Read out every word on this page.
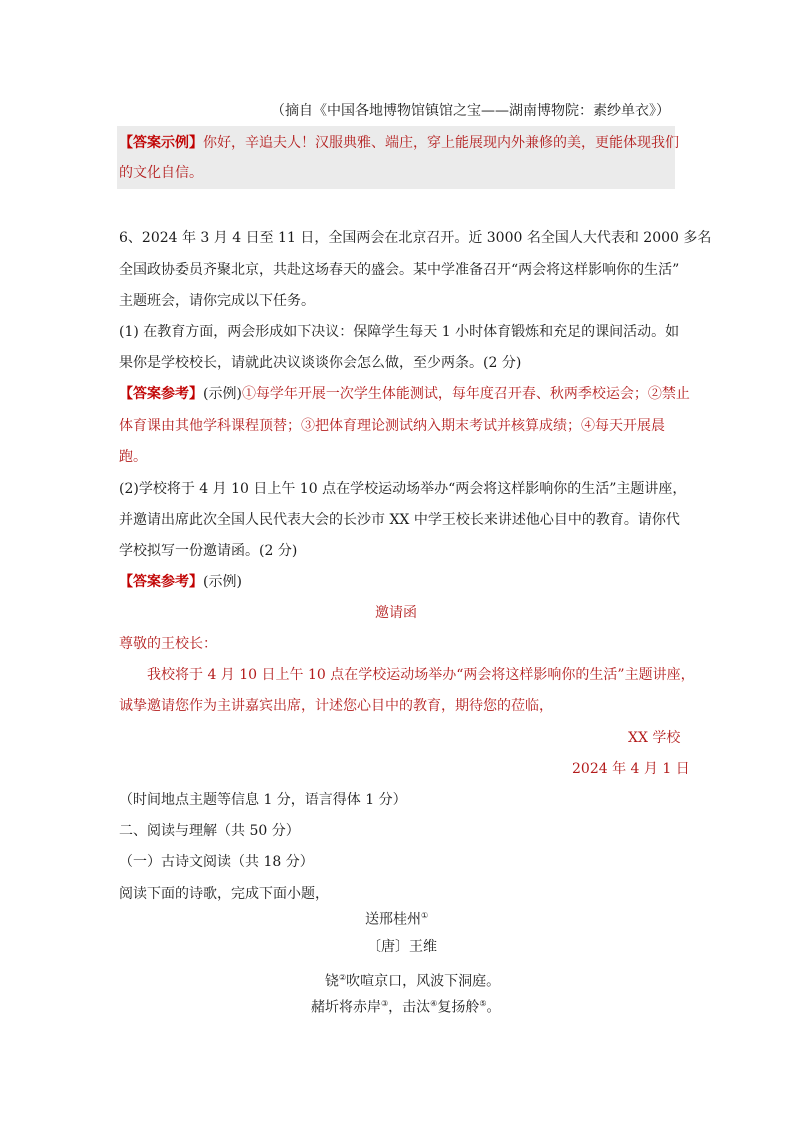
（摘自《中国各地博物馆镇馆之宝——湖南博物院：素纱单衣》）
【答案示例】你好，辛追夫人！汉服典雅、端庄，穿上能展现内外兼修的美，更能体现我们
的文化自信。
6、2024 年 3 月 4 日至 11 日，全国两会在北京召开。近 3000 名全国人大代表和 2000 多名
全国政协委员齐聚北京，共赴这场春天的盛会。某中学准备召开“两会将这样影响你的生活”
主题班会，请你完成以下任务。
(1) 在教育方面，两会形成如下决议：保障学生每天 1 小时体育锻炼和充足的课间活动。如
果你是学校校长，请就此决议谈谈你会怎么做，至少两条。(2 分)
【答案参考】(示例)①每学年开展一次学生体能测试，每年度召开春、秋两季校运会；②禁止
体育课由其他学科课程顶替；③把体育理论测试纳入期末考试并核算成绩；④每天开展晨
跑。
(2)学校将于 4 月 10 日上午 10 点在学校运动场举办“两会将这样影响你的生活”主题讲座，
并邀请出席此次全国人民代表大会的长沙市 XX 中学王校长来讲述他心目中的教育。请你代
学校拟写一份邀请函。(2 分)
【答案参考】(示例)
邀请函
尊敬的王校长：
我校将于 4 月 10 日上午 10 点在学校运动场举办“两会将这样影响你的生活”主题讲座，
诚挚邀请您作为主讲嘉宾出席，计述您心目中的教育，期待您的莅临，
XX 学校
2024 年 4 月 1 日
（时间地点主题等信息 1 分，语言得体 1 分）
二、阅读与理解（共 50 分）
（一）古诗文阅读（共 18 分）
阅读下面的诗歌，完成下面小题，
送邢桂州①
〔唐〕王维
铙②吹喧京口，风波下洞庭。
赭圻将赤岸③，击汰④复扬舲⑤。
